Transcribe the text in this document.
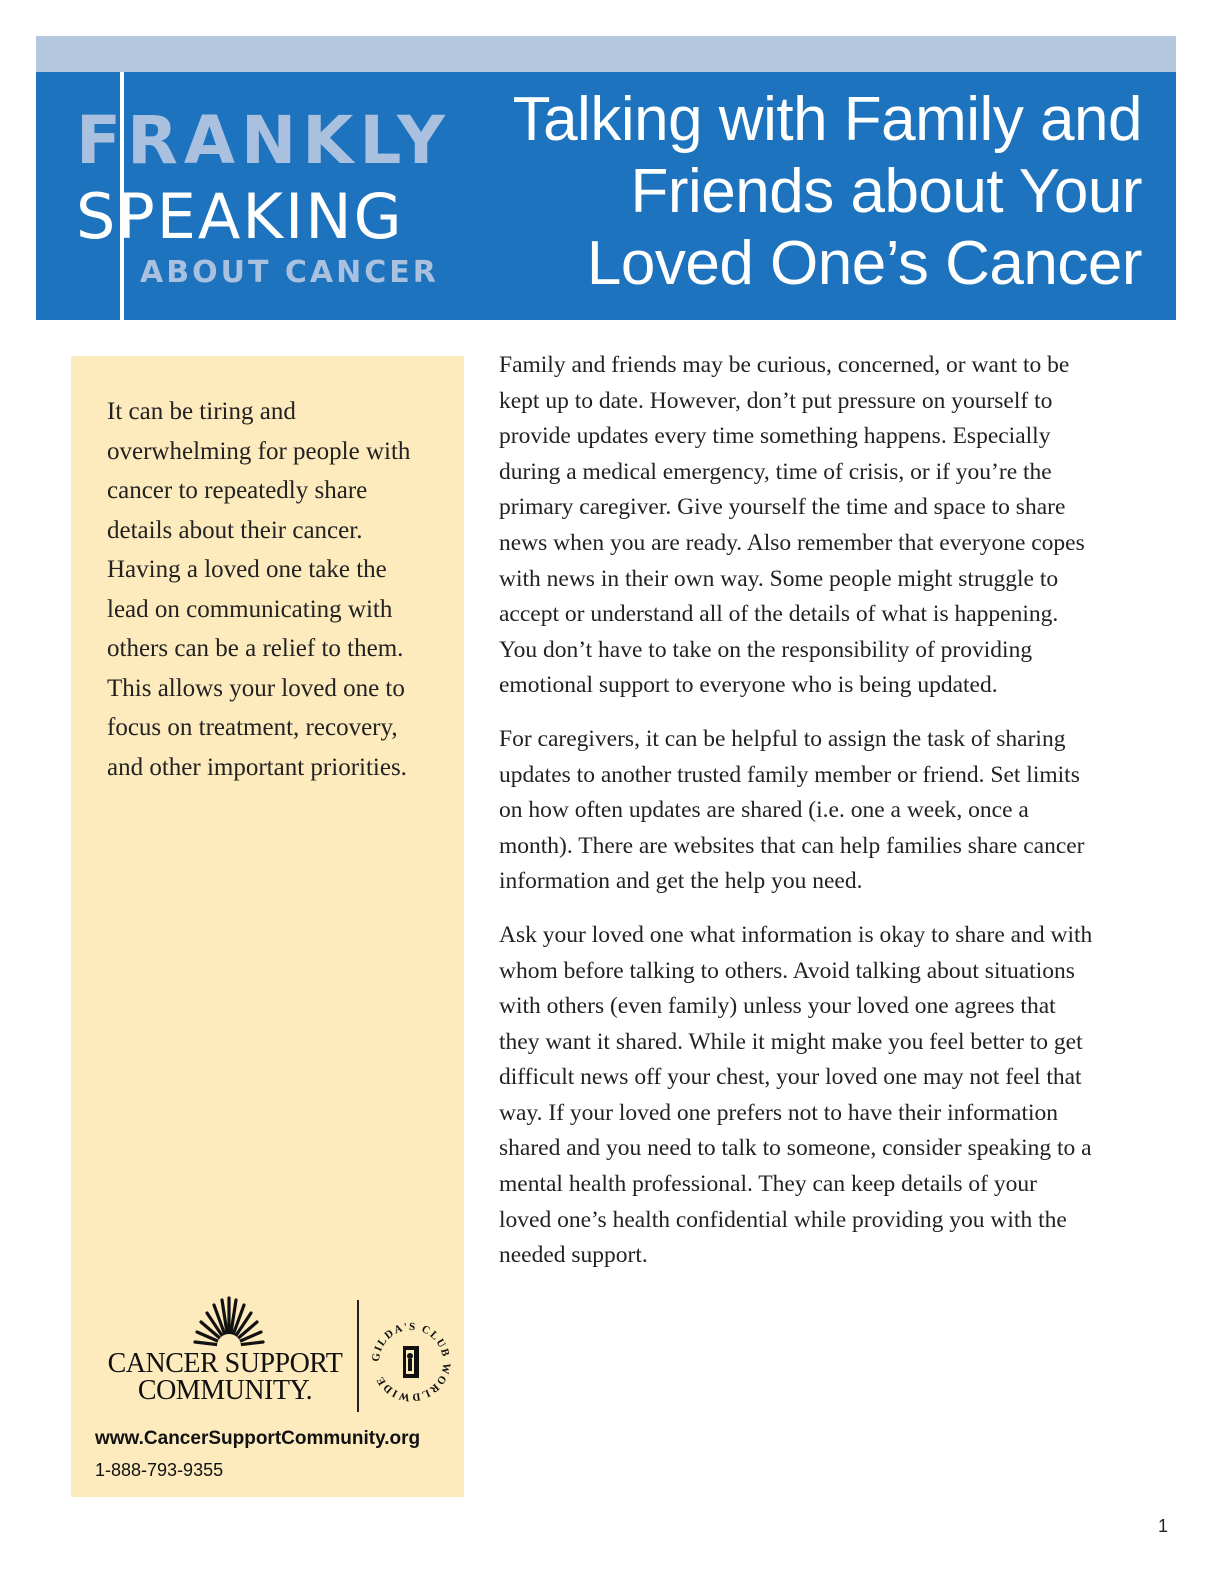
FRANKLY
SPEAKING
ABOUT CANCER
Talking with Family and
Friends about Your
Loved One’s Cancer
It can be tiring and
overwhelming for people with
cancer to repeatedly share
details about their cancer.
Having a loved one take the
lead on communicating with
others can be a relief to them.
This allows your loved one to
focus on treatment, recovery,
and other important priorities.
CANCER SUPPORT
COMMUNITY.
GILDA'S CLUB WORLDWIDE
www.CancerSupportCommunity.org
1-888-793-9355

Family and friends may be curious, concerned, or want to be
kept up to date. However, don’t put pressure on yourself to
provide updates every time something happens. Especially
during a medical emergency, time of crisis, or if you’re the
primary caregiver. Give yourself the time and space to share
news when you are ready. Also remember that everyone copes
with news in their own way. Some people might struggle to
accept or understand all of the details of what is happening.
You don’t have to take on the responsibility of providing
emotional support to everyone who is being updated.

For caregivers, it can be helpful to assign the task of sharing
updates to another trusted family member or friend. Set limits
on how often updates are shared (i.e. one a week, once a
month). There are websites that can help families share cancer
information and get the help you need.

Ask your loved one what information is okay to share and with
whom before talking to others. Avoid talking about situations
with others (even family) unless your loved one agrees that
they want it shared. While it might make you feel better to get
difficult news off your chest, your loved one may not feel that
way. If your loved one prefers not to have their information
shared and you need to talk to someone, consider speaking to a
mental health professional. They can keep details of your
loved one’s health confidential while providing you with the
needed support.

1
